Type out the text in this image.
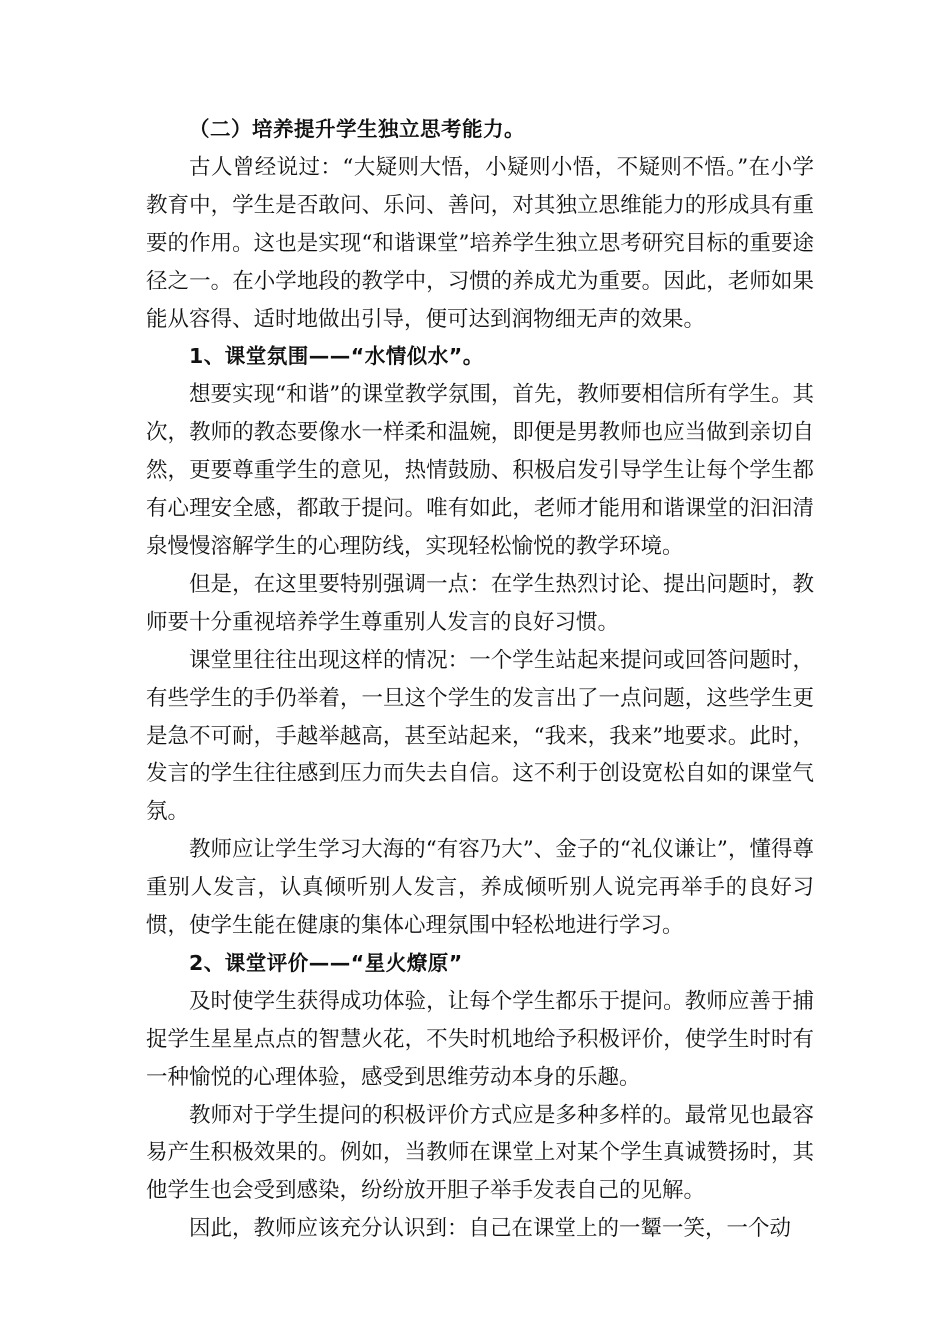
（二）培养提升学生独立思考能力。

古人曾经说过：“大疑则大悟，小疑则小悟，不疑则不悟。”在小学教育中，学生是否敢问、乐问、善问，对其独立思维能力的形成具有重要的作用。这也是实现“和谐课堂”培养学生独立思考研究目标的重要途径之一。在小学地段的教学中，习惯的养成尤为重要。因此，老师如果能从容得、适时地做出引导，便可达到润物细无声的效果。

1、课堂氛围——“水情似水”。

想要实现“和谐”的课堂教学氛围，首先，教师要相信所有学生。其次，教师的教态要像水一样柔和温婉，即便是男教师也应当做到亲切自然，更要尊重学生的意见，热情鼓励、积极启发引导学生让每个学生都有心理安全感，都敢于提问。唯有如此，老师才能用和谐课堂的汩汩清泉慢慢溶解学生的心理防线，实现轻松愉悦的教学环境。

但是，在这里要特别强调一点：在学生热烈讨论、提出问题时，教师要十分重视培养学生尊重别人发言的良好习惯。

课堂里往往出现这样的情况：一个学生站起来提问或回答问题时，有些学生的手仍举着，一旦这个学生的发言出了一点问题，这些学生更是急不可耐，手越举越高，甚至站起来，“我来，我来”地要求。此时，发言的学生往往感到压力而失去自信。这不利于创设宽松自如的课堂气氛。

教师应让学生学习大海的“有容乃大”、金子的“礼仪谦让”，懂得尊重别人发言，认真倾听别人发言，养成倾听别人说完再举手的良好习惯，使学生能在健康的集体心理氛围中轻松地进行学习。

2、课堂评价——“星火燎原”

及时使学生获得成功体验，让每个学生都乐于提问。教师应善于捕捉学生星星点点的智慧火花，不失时机地给予积极评价，使学生时时有一种愉悦的心理体验，感受到思维劳动本身的乐趣。

教师对于学生提问的积极评价方式应是多种多样的。最常见也最容易产生积极效果的。例如，当教师在课堂上对某个学生真诚赞扬时，其他学生也会受到感染，纷纷放开胆子举手发表自己的见解。

因此，教师应该充分认识到：自己在课堂上的一颦一笑，一个动
